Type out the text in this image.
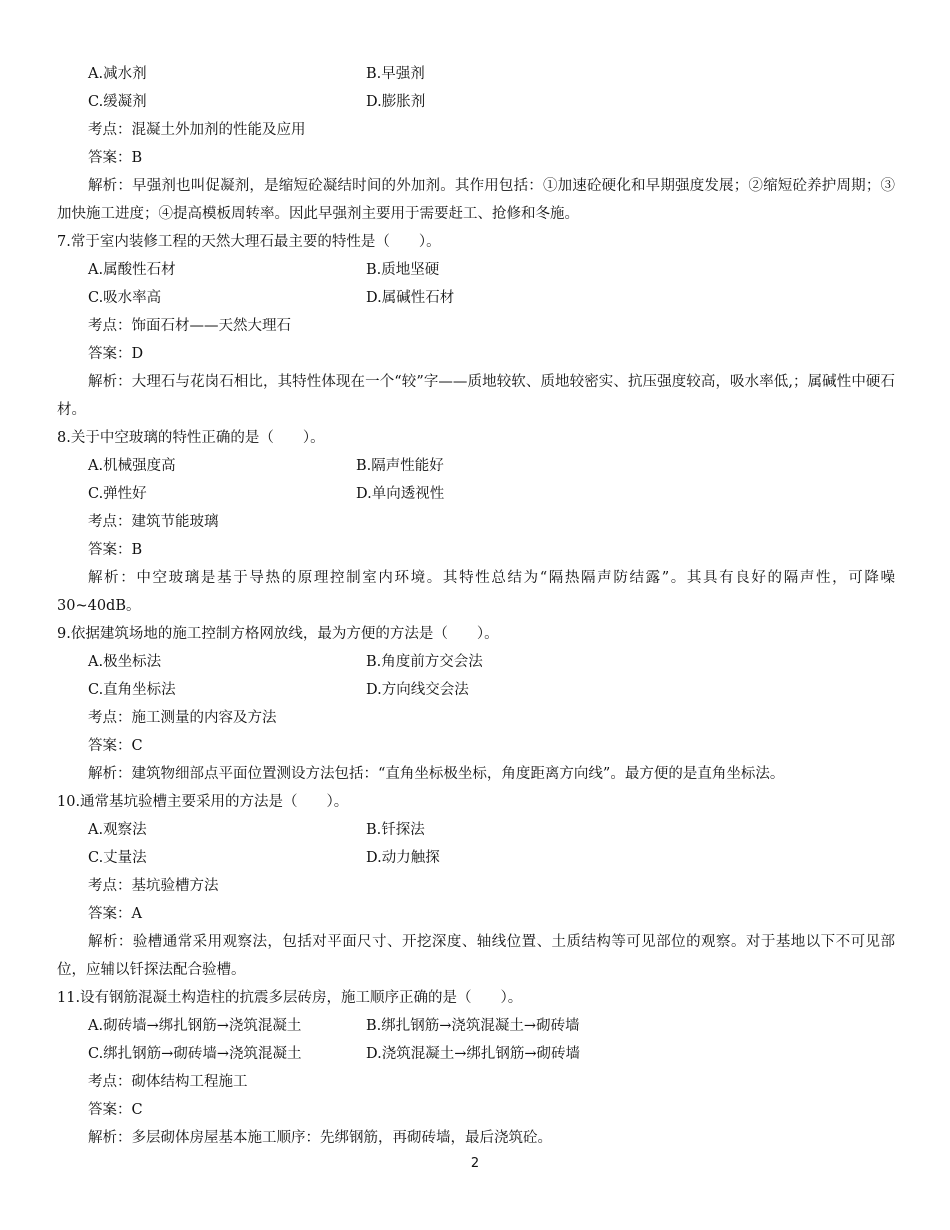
A.减水剂	B.早强剂
C.缓凝剂	D.膨胀剂
考点：混凝土外加剂的性能及应用
答案：B
解析：早强剂也叫促凝剂，是缩短砼凝结时间的外加剂。其作用包括：①加速砼硬化和早期强度发展；②缩短砼养护周期；③加快施工进度；④提高模板周转率。因此早强剂主要用于需要赶工、抢修和冬施。
7.常于室内装修工程的天然大理石最主要的特性是（　　）。
A.属酸性石材	B.质地坚硬
C.吸水率高	D.属碱性石材
考点：饰面石材——天然大理石
答案：D
解析：大理石与花岗石相比，其特性体现在一个“较”字——质地较软、质地较密实、抗压强度较高，吸水率低,；属碱性中硬石材。
8.关于中空玻璃的特性正确的是（　　）。
A.机械强度高	B.隔声性能好
C.弹性好	D.单向透视性
考点：建筑节能玻璃
答案：B
解析：中空玻璃是基于导热的原理控制室内环境。其特性总结为“隔热隔声防结露”。其具有良好的隔声性，可降噪 30~40dB。
9.依据建筑场地的施工控制方格网放线，最为方便的方法是（　　）。
A.极坐标法	B.角度前方交会法
C.直角坐标法	D.方向线交会法
考点：施工测量的内容及方法
答案：C
解析：建筑物细部点平面位置测设方法包括：“直角坐标极坐标，角度距离方向线”。最方便的是直角坐标法。
10.通常基坑验槽主要采用的方法是（　　）。
A.观察法	B.钎探法
C.丈量法	D.动力触探
考点：基坑验槽方法
答案：A
解析：验槽通常采用观察法，包括对平面尺寸、开挖深度、轴线位置、土质结构等可见部位的观察。对于基地以下不可见部位，应辅以钎探法配合验槽。
11.设有钢筋混凝土构造柱的抗震多层砖房，施工顺序正确的是（　　）。
A.砌砖墙→绑扎钢筋→浇筑混凝土	B.绑扎钢筋→浇筑混凝土→砌砖墙
C.绑扎钢筋→砌砖墙→浇筑混凝土	D.浇筑混凝土→绑扎钢筋→砌砖墙
考点：砌体结构工程施工
答案：C
解析：多层砌体房屋基本施工顺序：先绑钢筋，再砌砖墙，最后浇筑砼。
2
